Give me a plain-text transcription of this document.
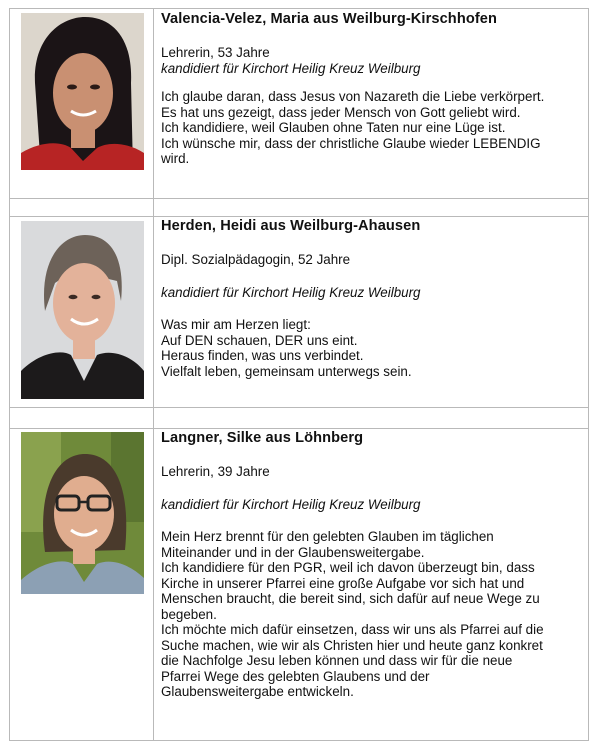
Valencia-Velez, Maria aus Weilburg-Kirschhofen
Lehrerin, 53 Jahre
kandidiert für Kirchort Heilig Kreuz Weilburg
Ich glaube daran, dass Jesus von Nazareth die Liebe verkörpert.
Es hat uns gezeigt, dass jeder Mensch von Gott geliebt wird.
Ich kandidiere, weil Glauben ohne Taten nur eine Lüge ist.
Ich wünsche mir, dass der christliche Glaube wieder LEBENDIG
wird.
Herden, Heidi aus Weilburg-Ahausen
Dipl. Sozialpädagogin, 52 Jahre
kandidiert für Kirchort Heilig Kreuz Weilburg
Was mir am Herzen liegt:
Auf DEN schauen, DER uns eint.
Heraus finden, was uns verbindet.
Vielfalt leben, gemeinsam unterwegs sein.
Langner, Silke aus Löhnberg
Lehrerin, 39 Jahre
kandidiert für Kirchort Heilig Kreuz Weilburg
Mein Herz brennt für den gelebten Glauben im täglichen
Miteinander und in der Glaubensweitergabe.
Ich kandidiere für den PGR, weil ich davon überzeugt bin, dass
Kirche in unserer Pfarrei eine große Aufgabe vor sich hat und
Menschen braucht, die bereit sind, sich dafür auf neue Wege zu
begeben.
Ich möchte mich dafür einsetzen, dass wir uns als Pfarrei auf die
Suche machen, wie wir als Christen hier und heute ganz konkret
die Nachfolge Jesu leben können und dass wir für die neue
Pfarrei Wege des gelebten Glaubens und der
Glaubensweitergabe entwickeln.
